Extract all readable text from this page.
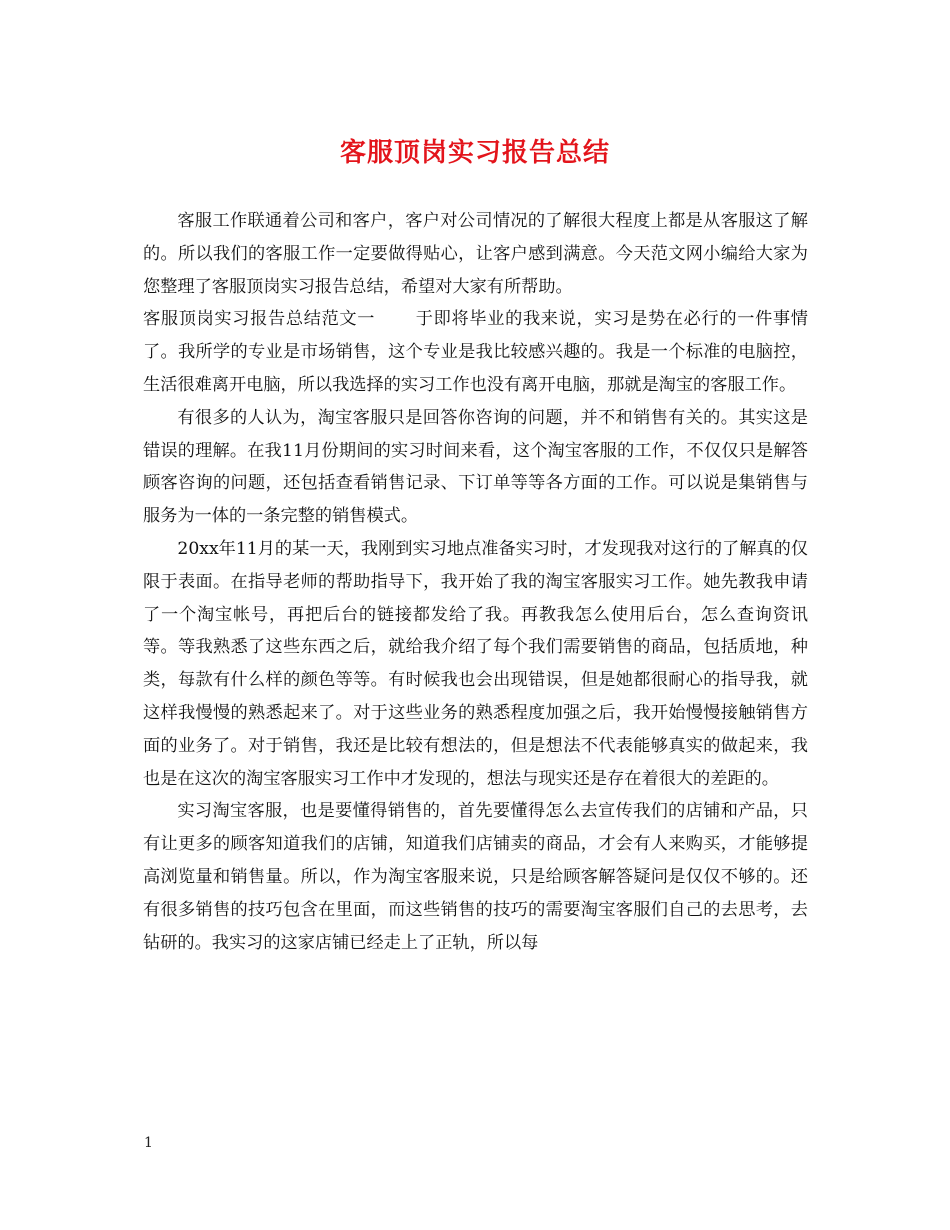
客服顶岗实习报告总结

客服工作联通着公司和客户，客户对公司情况的了解很大程度上都是从客服这了解的。所以我们的客服工作一定要做得贴心，让客户感到满意。今天范文网小编给大家为您整理了客服顶岗实习报告总结，希望对大家有所帮助。

客服顶岗实习报告总结范文一 于即将毕业的我来说，实习是势在必行的一件事情了。我所学的专业是市场销售，这个专业是我比较感兴趣的。我是一个标准的电脑控，生活很难离开电脑，所以我选择的实习工作也没有离开电脑，那就是淘宝的客服工作。

有很多的人认为，淘宝客服只是回答你咨询的问题，并不和销售有关的。其实这是错误的理解。在我11月份期间的实习时间来看，这个淘宝客服的工作，不仅仅只是解答顾客咨询的问题，还包括查看销售记录、下订单等等各方面的工作。可以说是集销售与服务为一体的一条完整的销售模式。

20xx年11月的某一天，我刚到实习地点准备实习时，才发现我对这行的了解真的仅限于表面。在指导老师的帮助指导下，我开始了我的淘宝客服实习工作。她先教我申请了一个淘宝帐号，再把后台的链接都发给了我。再教我怎么使用后台，怎么查询资讯等。等我熟悉了这些东西之后，就给我介绍了每个我们需要销售的商品，包括质地，种类，每款有什么样的颜色等等。有时候我也会出现错误，但是她都很耐心的指导我，就这样我慢慢的熟悉起来了。对于这些业务的熟悉程度加强之后，我开始慢慢接触销售方面的业务了。对于销售，我还是比较有想法的，但是想法不代表能够真实的做起来，我也是在这次的淘宝客服实习工作中才发现的，想法与现实还是存在着很大的差距的。

实习淘宝客服，也是要懂得销售的，首先要懂得怎么去宣传我们的店铺和产品，只有让更多的顾客知道我们的店铺，知道我们店铺卖的商品，才会有人来购买，才能够提高浏览量和销售量。所以，作为淘宝客服来说，只是给顾客解答疑问是仅仅不够的。还有很多销售的技巧包含在里面，而这些销售的技巧的需要淘宝客服们自己的去思考，去钻研的。我实习的这家店铺已经走上了正轨，所以每

1
